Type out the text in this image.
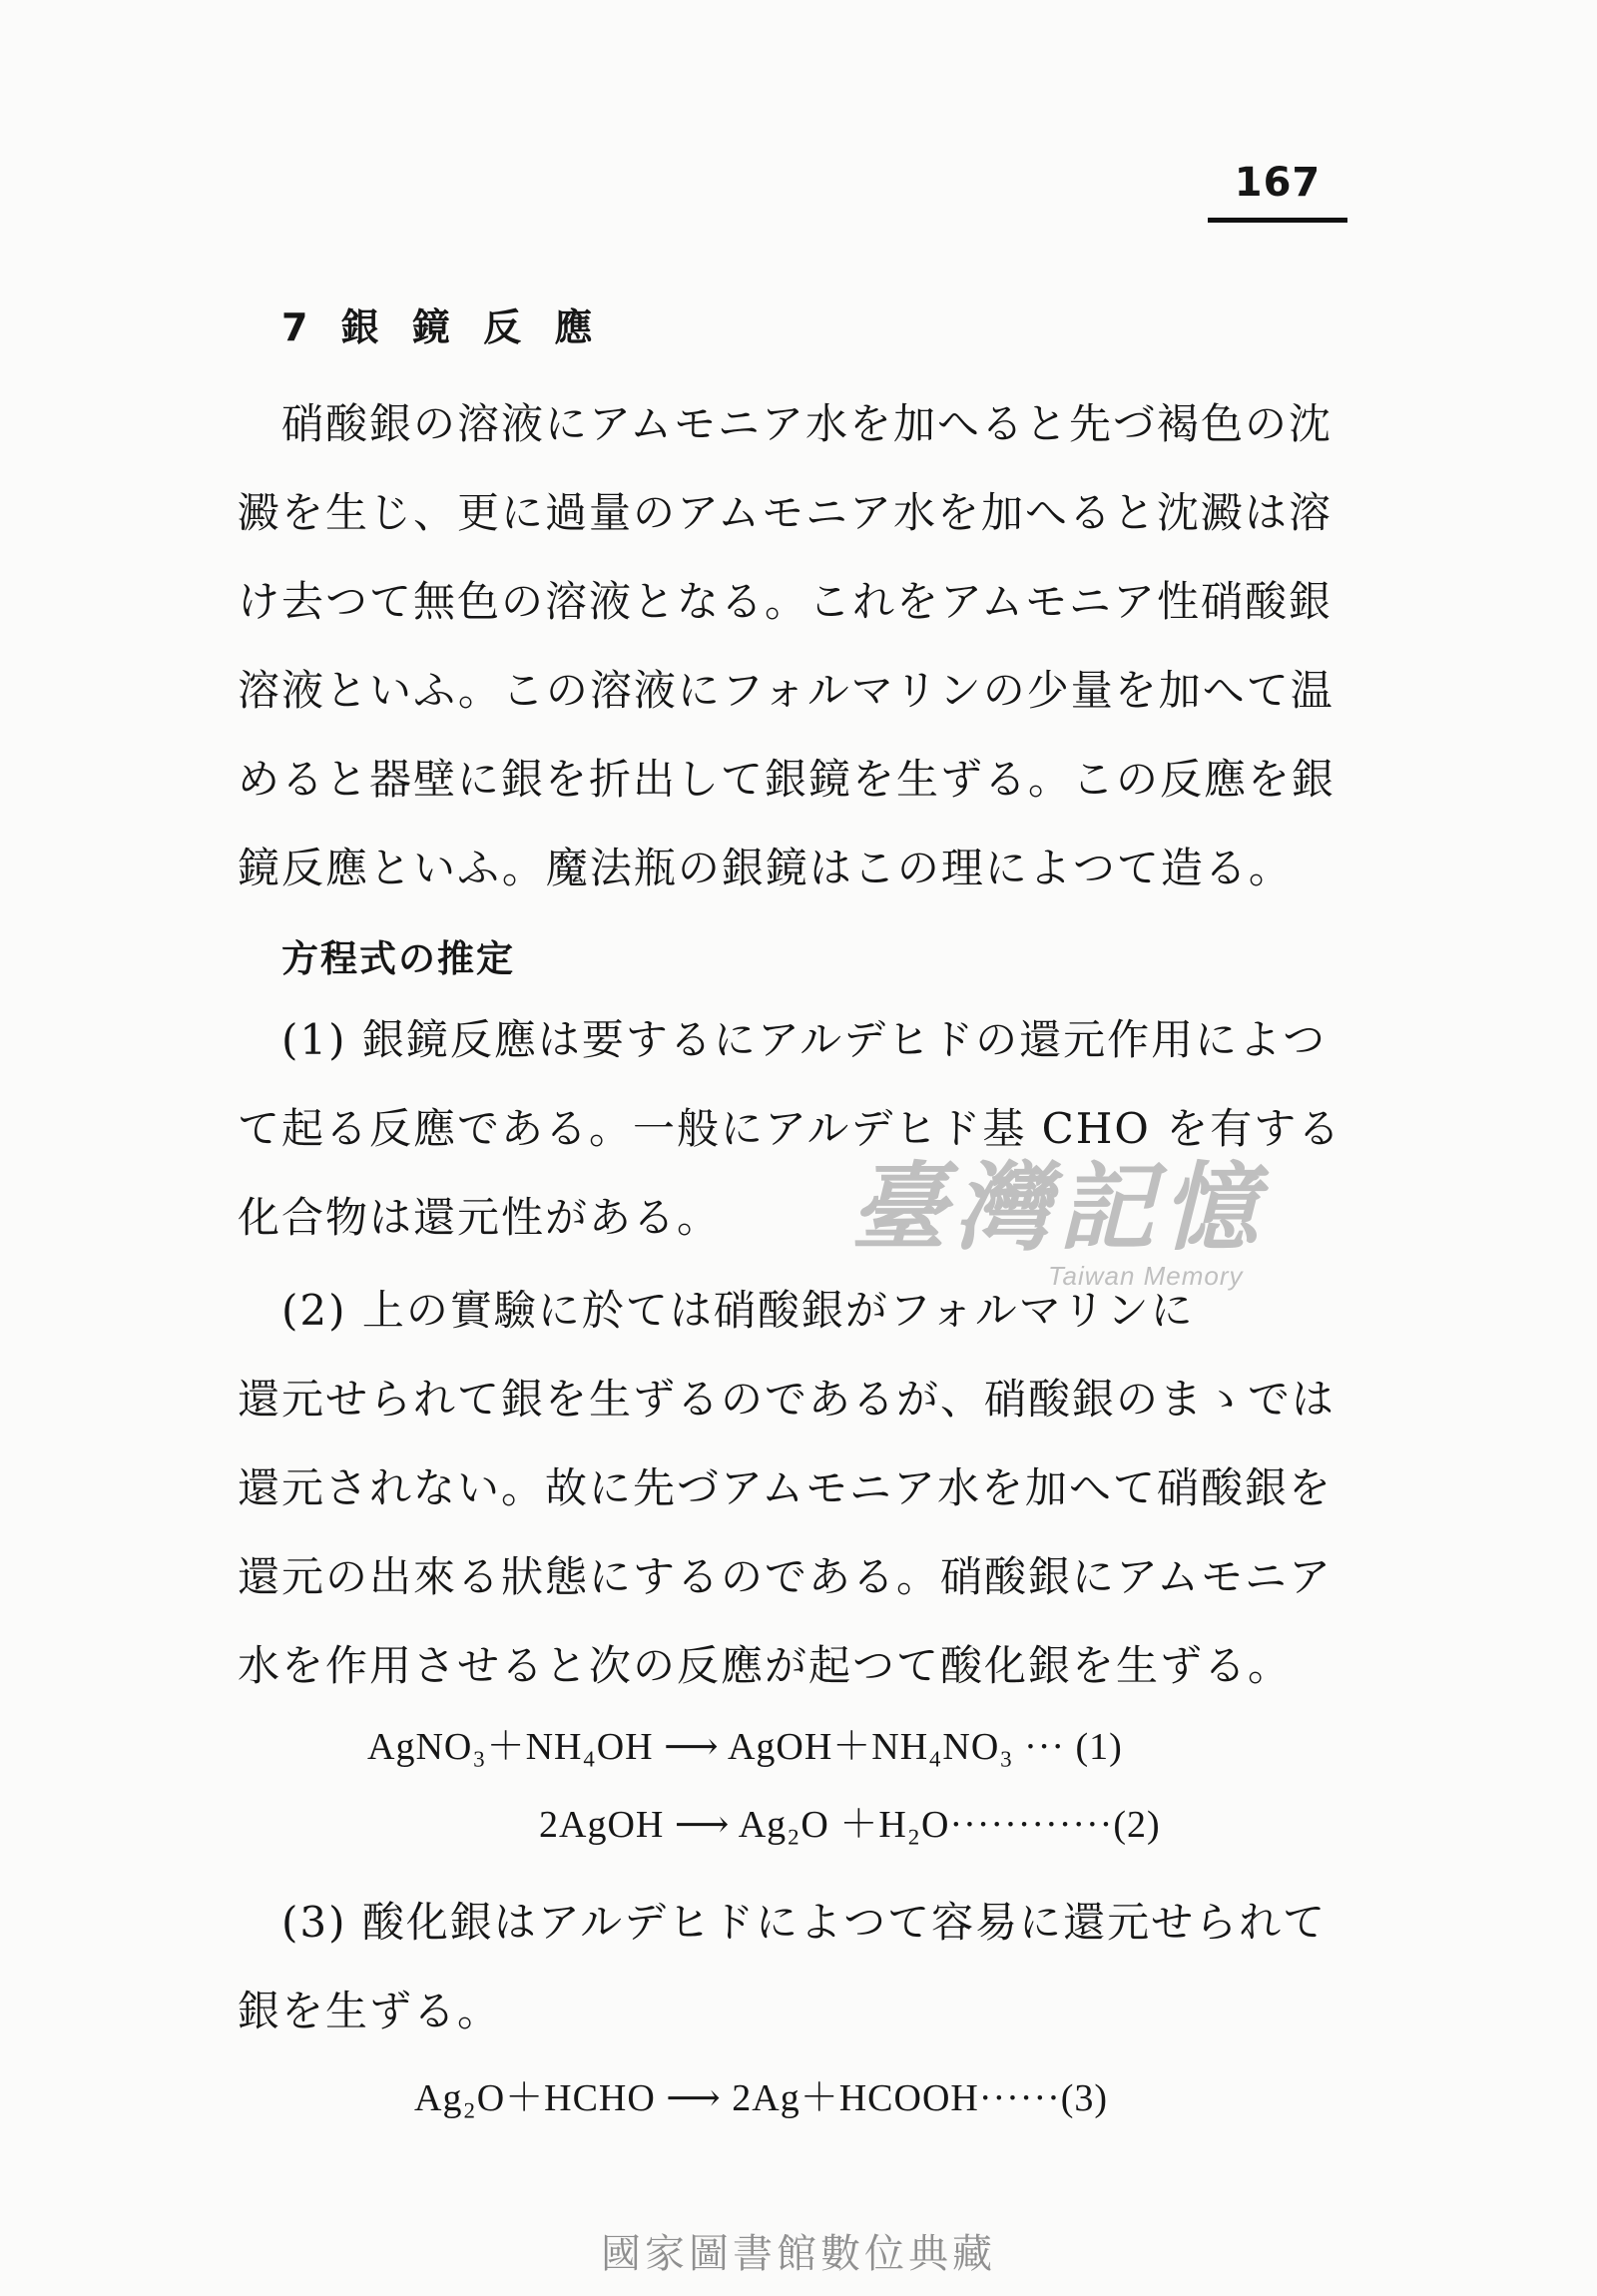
167
7 銀 鏡 反 應
硝酸銀の溶液にアムモニア水を加へると先づ褐色の沈
澱を生じ、更に過量のアムモニア水を加へると沈澱は溶
け去つて無色の溶液となる。これをアムモニア性硝酸銀
溶液といふ。この溶液にフォルマリンの少量を加へて温
めると器壁に銀を折出して銀鏡を生ずる。この反應を銀
鏡反應といふ。魔法瓶の銀鏡はこの理によつて造る。
方程式の推定
(1) 銀鏡反應は要するにアルデヒドの還元作用によつ
て起る反應である。一般にアルデヒド基 CHO を有する
化合物は還元性がある。
(2) 上の實驗に於ては硝酸銀がフォルマリンに
還元せられて銀を生ずるのであるが、硝酸銀のまゝでは
還元されない。故に先づアムモニア水を加へて硝酸銀を
還元の出來る狀態にするのである。硝酸銀にアムモニア
水を作用させると次の反應が起つて酸化銀を生ずる。
AgNO₃＋NH₄OH ⟶ AgOH＋NH₄NO₃ ··· (1)
2AgOH ⟶ Ag₂O ＋H₂O············(2)
(3) 酸化銀はアルデヒドによつて容易に還元せられて
銀を生ずる。
Ag₂O＋HCHO ⟶ 2Ag＋HCOOH······(3)
臺灣記憶
Taiwan Memory
國家圖書館數位典藏
